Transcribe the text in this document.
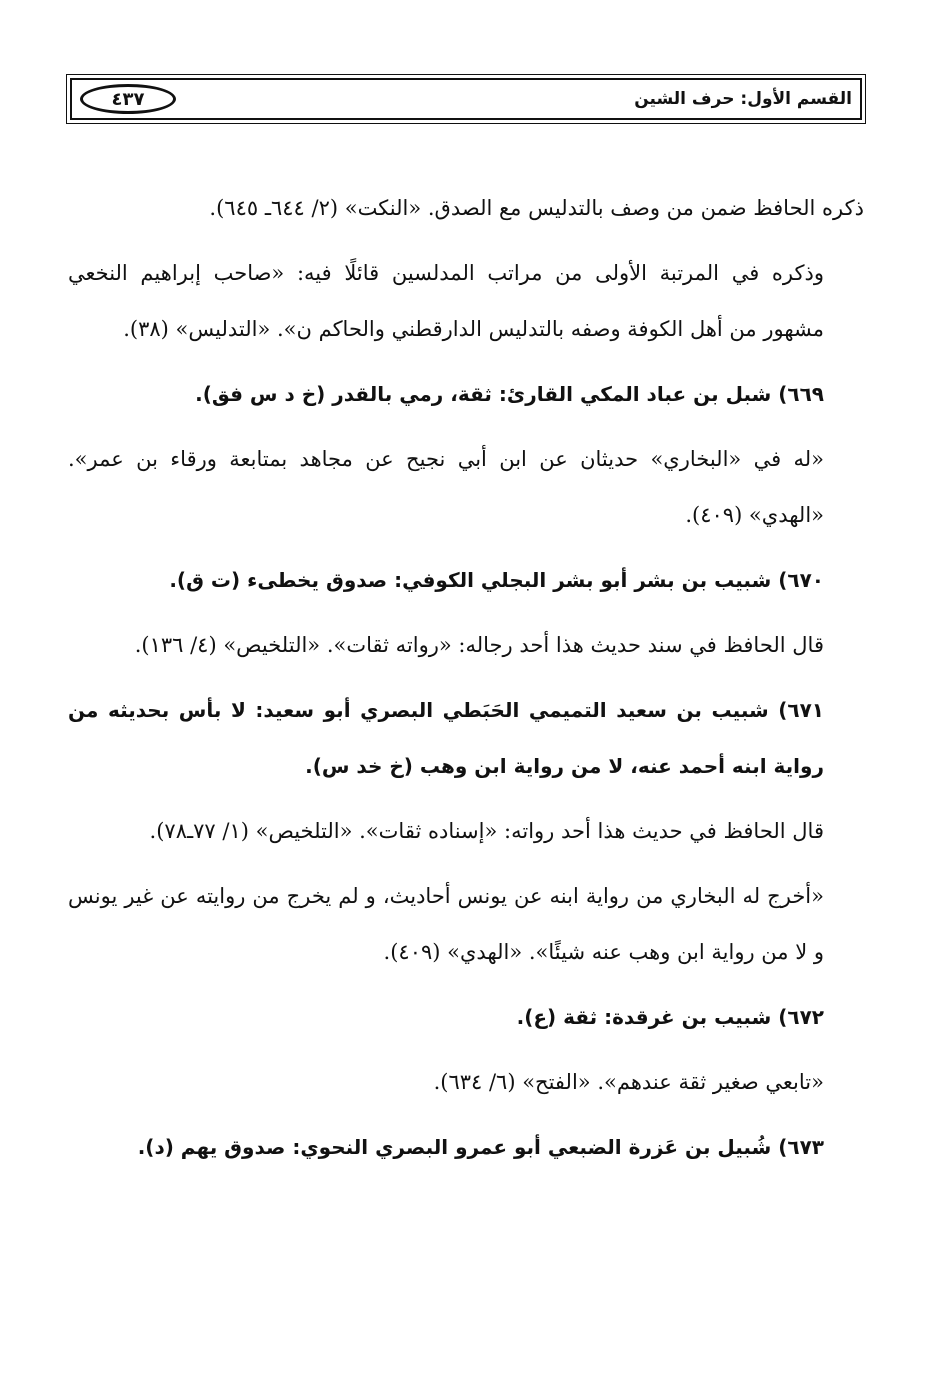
القسم الأول: حرف الشين
٤٣٧

ذكره الحافظ ضمن من وصف بالتدليس مع الصدق. «النكت» (٢/ ٦٤٤ـ ٦٤٥).

وذكره في المرتبة الأولى من مراتب المدلسين قائلًا فيه: «صاحب إبراهيم النخعي مشهور من أهل الكوفة وصفه بالتدليس الدارقطني والحاكم ن». «التدليس» (٣٨).

٦٦٩) شبل بن عباد المكي القارئ: ثقة، رمي بالقدر (خ د س فق).

«له في «البخاري» حديثان عن ابن أبي نجيح عن مجاهد بمتابعة ورقاء بن عمر». «الهدي» (٤٠٩).

٦٧٠) شبيب بن بشر أبو بشر البجلي الكوفي: صدوق يخطىء (ت ق).

قال الحافظ في سند حديث هذا أحد رجاله: «رواته ثقات». «التلخيص» (٤/ ١٣٦).

٦٧١) شبيب بن سعيد التميمي الحَبَطي البصري أبو سعيد: لا بأس بحديثه من رواية ابنه أحمد عنه، لا من رواية ابن وهب (خ خد س).

قال الحافظ في حديث هذا أحد رواته: «إسناده ثقات». «التلخيص» (١/ ٧٧ـ٧٨).

«أخرج له البخاري من رواية ابنه عن يونس أحاديث، و لم يخرج من روايته عن غير يونس و لا من رواية ابن وهب عنه شيئًا». «الهدي» (٤٠٩).

٦٧٢) شبيب بن غرقدة: ثقة (ع).

«تابعي صغير ثقة عندهم». «الفتح» (٦/ ٦٣٤).

٦٧٣) شُبيل بن عَزرة الضبعي أبو عمرو البصري النحوي: صدوق يهم (د).
